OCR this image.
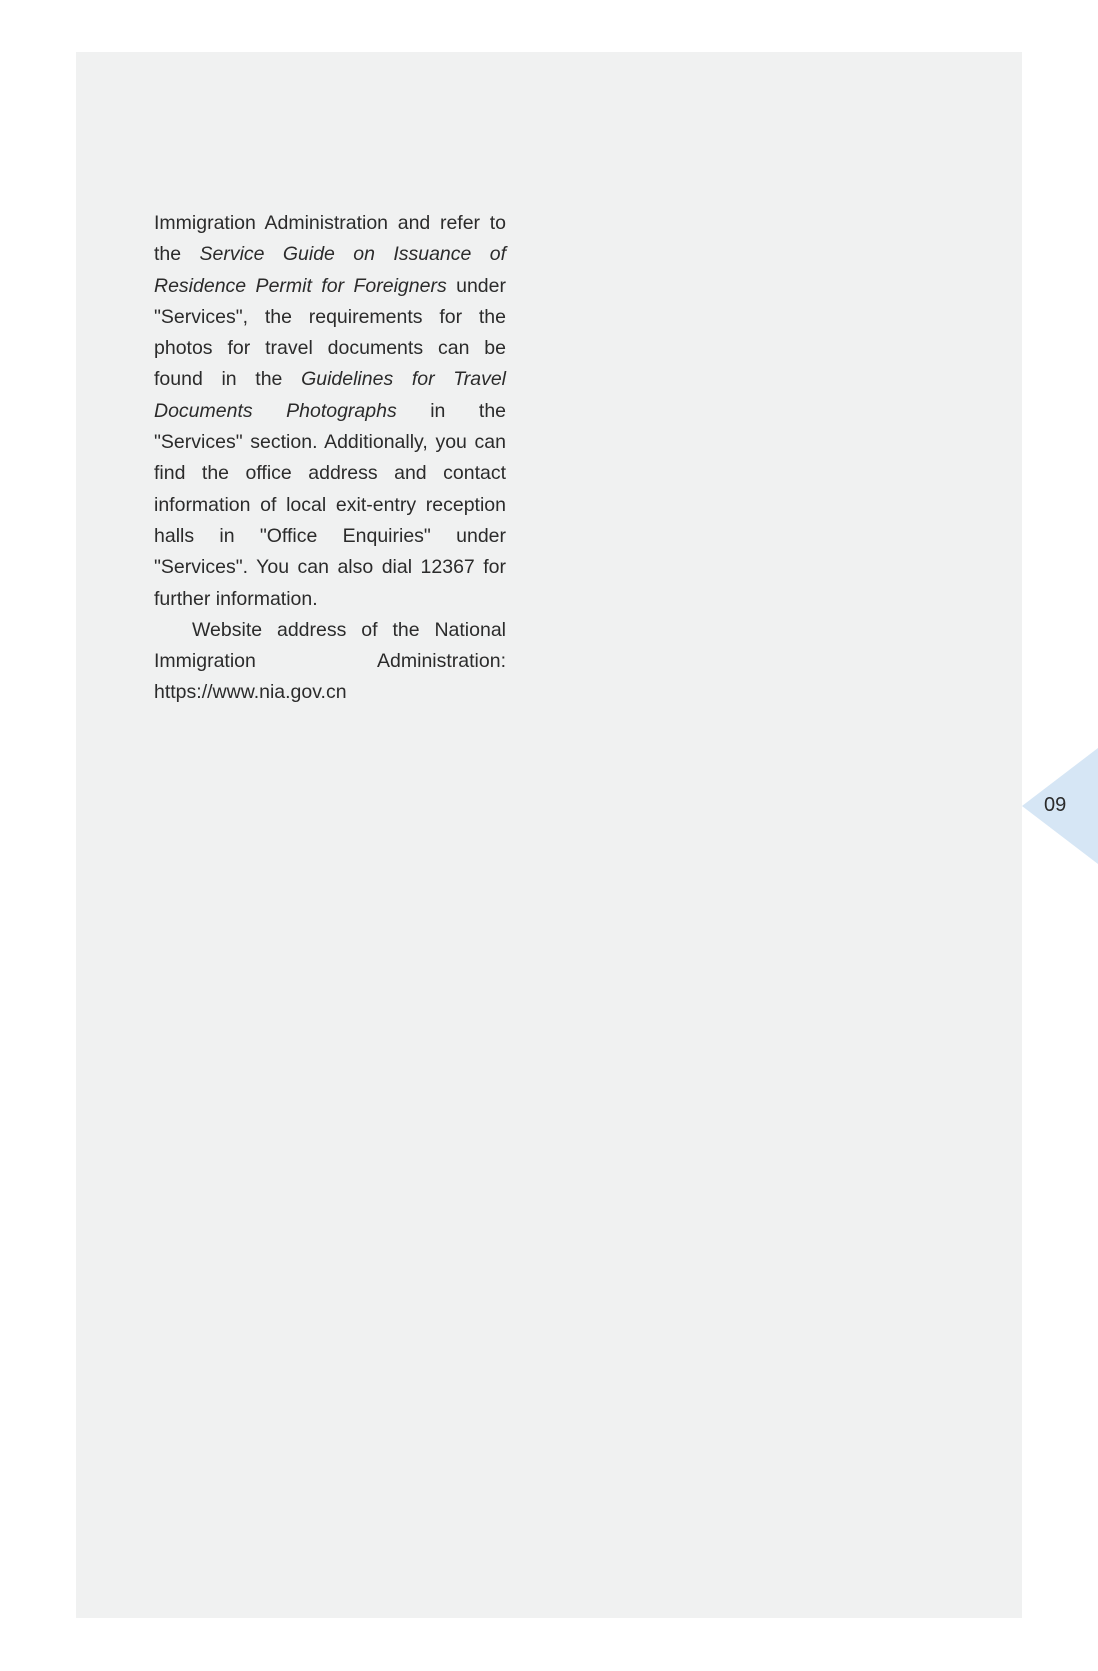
Immigration Administration and refer to the Service Guide on Issuance of Residence Permit for Foreigners under "Services", the requirements for the photos for travel documents can be found in the Guidelines for Travel Documents Photographs in the "Services" section. Additionally, you can find the office address and contact information of local exit-entry reception halls in "Office Enquiries" under "Services". You can also dial 12367 for further information.

Website address of the National Immigration Administration: https://www.nia.gov.cn

09
